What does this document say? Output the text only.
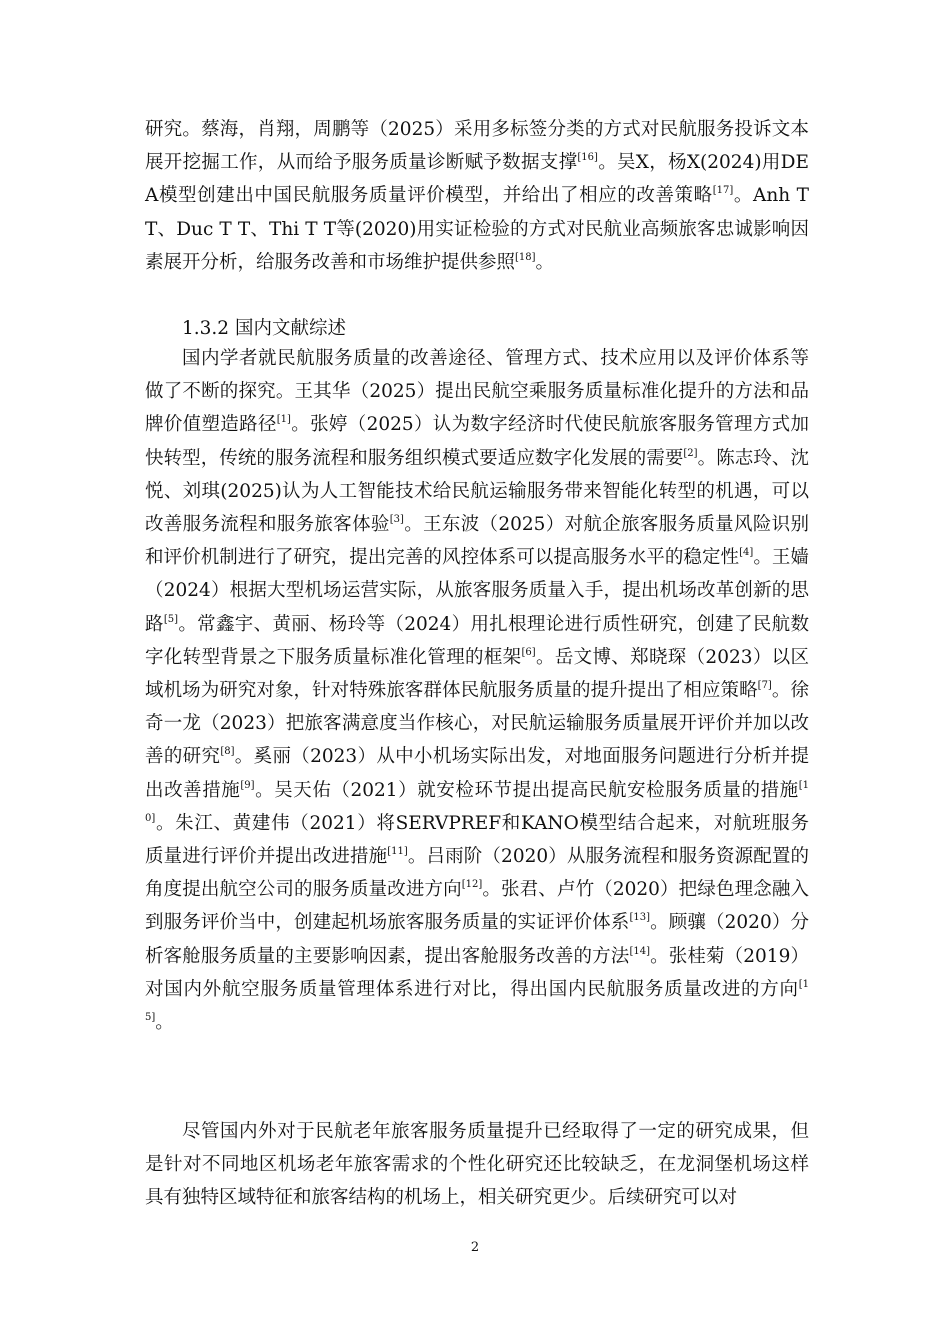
研究。蔡海，肖翔，周鹏等（2025）采用多标签分类的方式对民航服务投诉文本展开挖掘工作，从而给予服务质量诊断赋予数据支撑[16]。吴X，杨X(2024)用DEA模型创建出中国民航服务质量评价模型，并给出了相应的改善策略[17]。Anh T T、Duc T T、Thi T T等(2020)用实证检验的方式对民航业高频旅客忠诚影响因素展开分析，给服务改善和市场维护提供参照[18]。

1.3.2 国内文献综述

国内学者就民航服务质量的改善途径、管理方式、技术应用以及评价体系等做了不断的探究。王其华（2025）提出民航空乘服务质量标准化提升的方法和品牌价值塑造路径[1]。张婷（2025）认为数字经济时代使民航旅客服务管理方式加快转型，传统的服务流程和服务组织模式要适应数字化发展的需要[2]。陈志玲、沈悦、刘琪(2025)认为人工智能技术给民航运输服务带来智能化转型的机遇，可以改善服务流程和服务旅客体验[3]。王东波（2025）对航企旅客服务质量风险识别和评价机制进行了研究，提出完善的风控体系可以提高服务水平的稳定性[4]。王嫱（2024）根据大型机场运营实际，从旅客服务质量入手，提出机场改革创新的思路[5]。常鑫宇、黄丽、杨玲等（2024）用扎根理论进行质性研究，创建了民航数字化转型背景之下服务质量标准化管理的框架[6]。岳文博、郑晓琛（2023）以区域机场为研究对象，针对特殊旅客群体民航服务质量的提升提出了相应策略[7]。徐奇一龙（2023）把旅客满意度当作核心，对民航运输服务质量展开评价并加以改善的研究[8]。奚丽（2023）从中小机场实际出发，对地面服务问题进行分析并提出改善措施[9]。吴天佑（2021）就安检环节提出提高民航安检服务质量的措施[10]。朱江、黄建伟（2021）将SERVPREF和KANO模型结合起来，对航班服务质量进行评价并提出改进措施[11]。吕雨阶（2020）从服务流程和服务资源配置的角度提出航空公司的服务质量改进方向[12]。张君、卢竹（2020）把绿色理念融入到服务评价当中，创建起机场旅客服务质量的实证评价体系[13]。顾骧（2020）分析客舱服务质量的主要影响因素，提出客舱服务改善的方法[14]。张桂菊（2019）对国内外航空服务质量管理体系进行对比，得出国内民航服务质量改进的方向[15]。

尽管国内外对于民航老年旅客服务质量提升已经取得了一定的研究成果，但是针对不同地区机场老年旅客需求的个性化研究还比较缺乏，在龙洞堡机场这样具有独特区域特征和旅客结构的机场上，相关研究更少。后续研究可以对

2
